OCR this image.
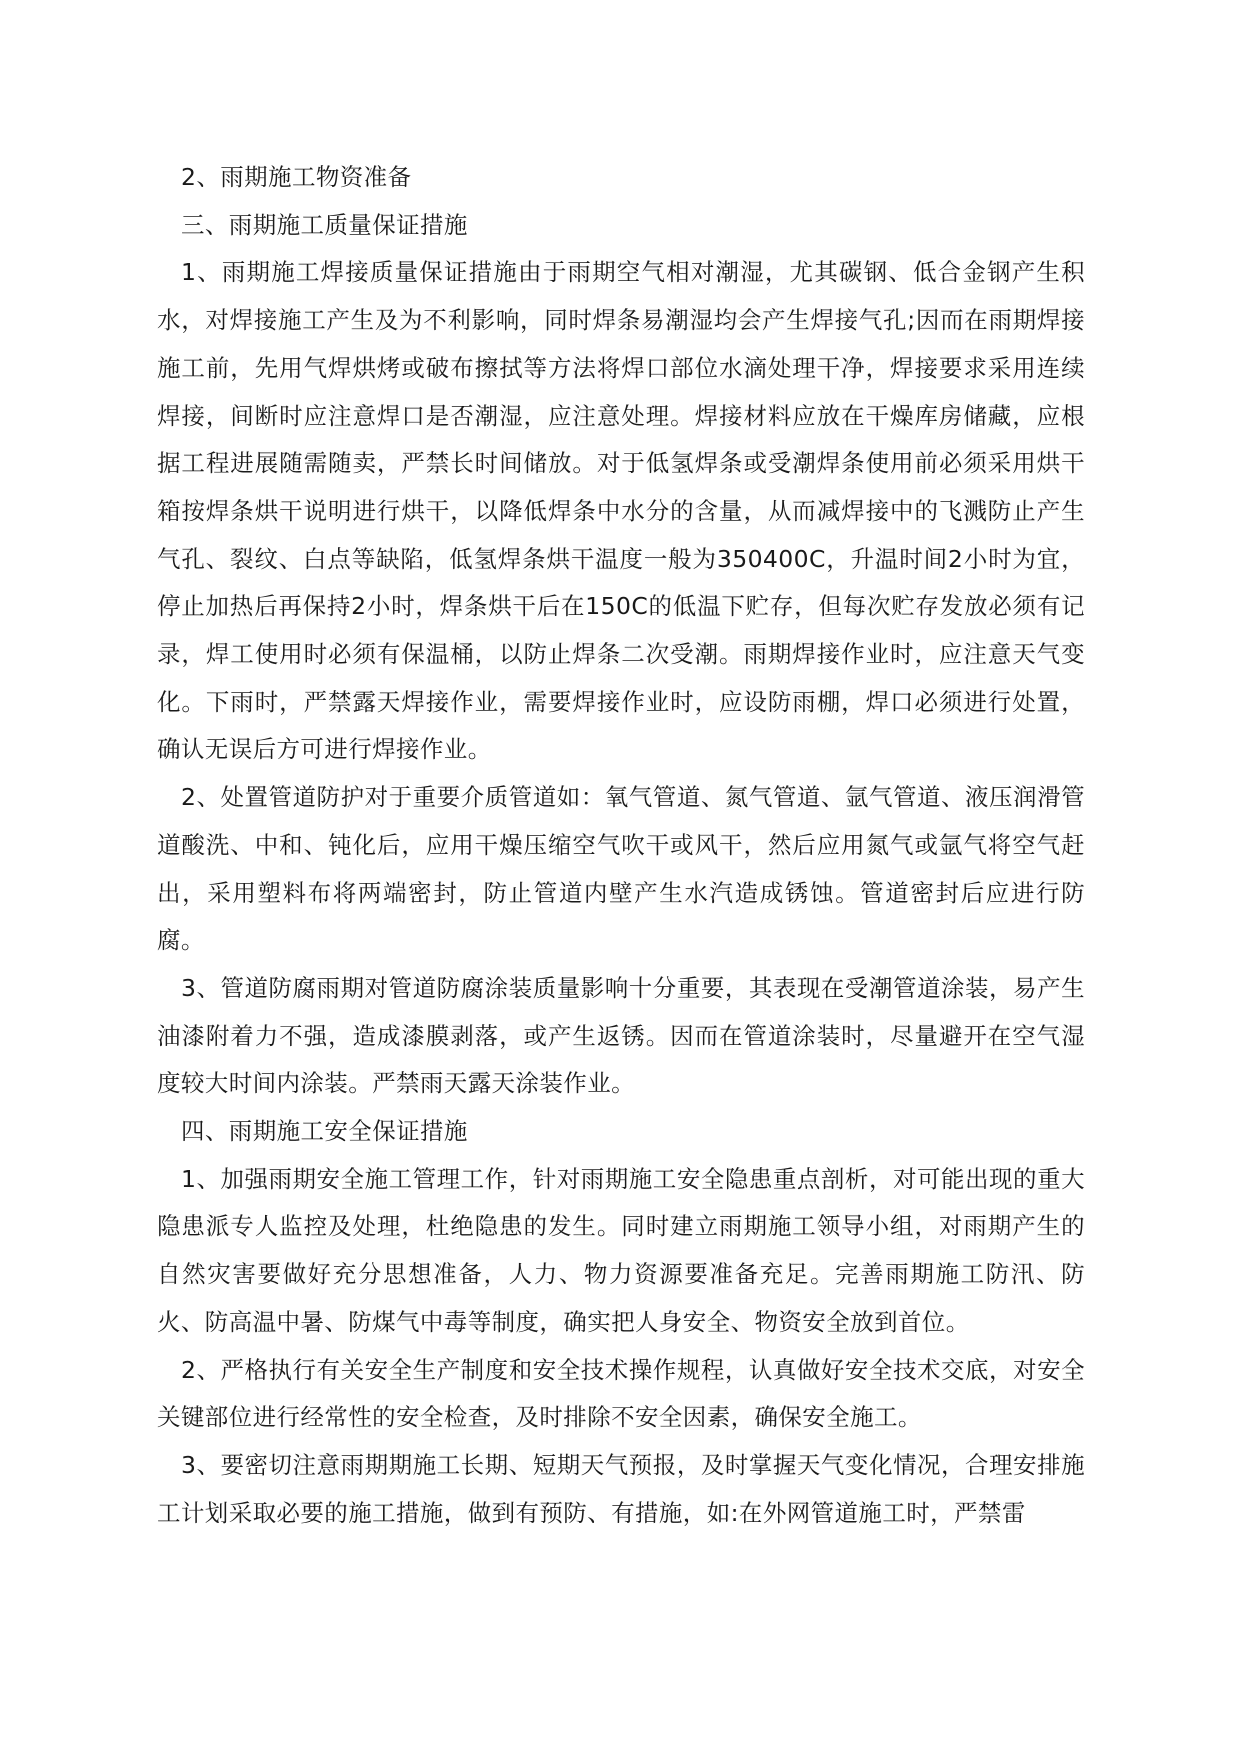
2、雨期施工物资准备

三、雨期施工质量保证措施

1、雨期施工焊接质量保证措施由于雨期空气相对潮湿，尤其碳钢、低合金钢产生积水，对焊接施工产生及为不利影响，同时焊条易潮湿均会产生焊接气孔;因而在雨期焊接施工前，先用气焊烘烤或破布擦拭等方法将焊口部位水滴处理干净，焊接要求采用连续焊接，间断时应注意焊口是否潮湿，应注意处理。焊接材料应放在干燥库房储藏，应根据工程进展随需随卖，严禁长时间储放。对于低氢焊条或受潮焊条使用前必须采用烘干箱按焊条烘干说明进行烘干，以降低焊条中水分的含量，从而减焊接中的飞溅防止产生气孔、裂纹、白点等缺陷，低氢焊条烘干温度一般为350400C，升温时间2小时为宜，停止加热后再保持2小时，焊条烘干后在150C的低温下贮存，但每次贮存发放必须有记录，焊工使用时必须有保温桶，以防止焊条二次受潮。雨期焊接作业时，应注意天气变化。下雨时，严禁露天焊接作业，需要焊接作业时，应设防雨棚，焊口必须进行处置，确认无误后方可进行焊接作业。

2、处置管道防护对于重要介质管道如：氧气管道、氮气管道、氩气管道、液压润滑管道酸洗、中和、钝化后，应用干燥压缩空气吹干或风干，然后应用氮气或氩气将空气赶出，采用塑料布将两端密封，防止管道内壁产生水汽造成锈蚀。管道密封后应进行防腐。

3、管道防腐雨期对管道防腐涂装质量影响十分重要，其表现在受潮管道涂装，易产生油漆附着力不强，造成漆膜剥落，或产生返锈。因而在管道涂装时，尽量避开在空气湿度较大时间内涂装。严禁雨天露天涂装作业。

四、雨期施工安全保证措施

1、加强雨期安全施工管理工作，针对雨期施工安全隐患重点剖析，对可能出现的重大隐患派专人监控及处理，杜绝隐患的发生。同时建立雨期施工领导小组，对雨期产生的自然灾害要做好充分思想准备，人力、物力资源要准备充足。完善雨期施工防汛、防火、防高温中暑、防煤气中毒等制度，确实把人身安全、物资安全放到首位。

2、严格执行有关安全生产制度和安全技术操作规程，认真做好安全技术交底，对安全关键部位进行经常性的安全检查，及时排除不安全因素，确保安全施工。

3、要密切注意雨期期施工长期、短期天气预报，及时掌握天气变化情况，合理安排施工计划采取必要的施工措施，做到有预防、有措施，如:在外网管道施工时，严禁雷
